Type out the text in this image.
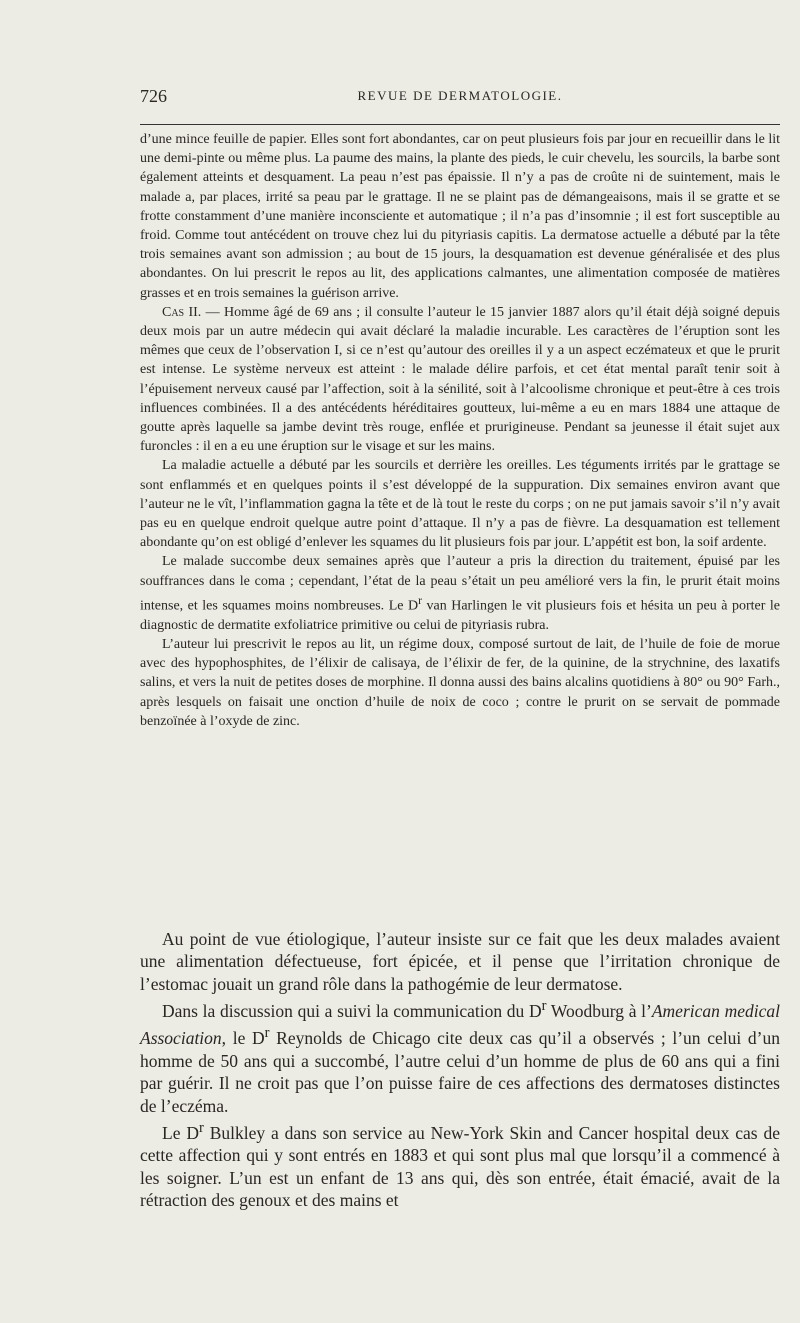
726	REVUE DE DERMATOLOGIE.

d’une mince feuille de papier. Elles sont fort abondantes, car on peut plusieurs fois par jour en recueillir dans le lit une demi-pinte ou même plus. La paume des mains, la plante des pieds, le cuir chevelu, les sourcils, la barbe sont également atteints et desquament. La peau n’est pas épaissie. Il n’y a pas de croûte ni de suintement, mais le malade a, par places, irrité sa peau par le grattage. Il ne se plaint pas de démangeaisons, mais il se gratte et se frotte constamment d’une manière inconsciente et automatique ; il n’a pas d’insomnie ; il est fort susceptible au froid. Comme tout antécédent on trouve chez lui du pityriasis capitis. La dermatose actuelle a débuté par la tête trois semaines avant son admission ; au bout de 15 jours, la desquamation est devenue généralisée et des plus abondantes. On lui prescrit le repos au lit, des applications calmantes, une alimentation composée de matières grasses et en trois semaines la guérison arrive.

Cas II. — Homme âgé de 69 ans ; il consulte l’auteur le 15 janvier 1887 alors qu’il était déjà soigné depuis deux mois par un autre médecin qui avait déclaré la maladie incurable. Les caractères de l’éruption sont les mêmes que ceux de l’observation I, si ce n’est qu’autour des oreilles il y a un aspect eczémateux et que le prurit est intense. Le système nerveux est atteint : le malade délire parfois, et cet état mental paraît tenir soit à l’épuisement nerveux causé par l’affection, soit à la sénilité, soit à l’alcoolisme chronique et peut-être à ces trois influences combinées. Il a des antécédents héréditaires goutteux, lui-même a eu en mars 1884 une attaque de goutte après laquelle sa jambe devint très rouge, enflée et prurigineuse. Pendant sa jeunesse il était sujet aux furoncles : il en a eu une éruption sur le visage et sur les mains.

La maladie actuelle a débuté par les sourcils et derrière les oreilles. Les téguments irrités par le grattage se sont enflammés et en quelques points il s’est développé de la suppuration. Dix semaines environ avant que l’auteur ne le vît, l’inflammation gagna la tête et de là tout le reste du corps ; on ne put jamais savoir s’il n’y avait pas eu en quelque endroit quelque autre point d’attaque. Il n’y a pas de fièvre. La desquamation est tellement abondante qu’on est obligé d’enlever les squames du lit plusieurs fois par jour. L’appétit est bon, la soif ardente.

Le malade succombe deux semaines après que l’auteur a pris la direction du traitement, épuisé par les souffrances dans le coma ; cependant, l’état de la peau s’était un peu amélioré vers la fin, le prurit était moins intense, et les squames moins nombreuses. Le $D^r$ van Harlingen le vit plusieurs fois et hésita un peu à porter le diagnostic de dermatite exfoliatrice primitive ou celui de pityriasis rubra.

L’auteur lui prescrivit le repos au lit, un régime doux, composé surtout de lait, de l’huile de foie de morue avec des hypophosphites, de l’élixir de calisaya, de l’élixir de fer, de la quinine, de la strychnine, des laxatifs salins, et vers la nuit de petites doses de morphine. Il donna aussi des bains alcalins quotidiens à 80° ou 90° Farh., après lesquels on faisait une onction d’huile de noix de coco ; contre le prurit on se servait de pommade benzoïnée à l’oxyde de zinc.

Au point de vue étiologique, l’auteur insiste sur ce fait que les deux malades avaient une alimentation défectueuse, fort épicée, et il pense que l’irritation chronique de l’estomac jouait un grand rôle dans la pathogémie de leur dermatose.

Dans la discussion qui a suivi la communication du $D^r$ Woodburg à l’American medical Association, le $D^r$ Reynolds de Chicago cite deux cas qu’il a observés ; l’un celui d’un homme de 50 ans qui a succombé, l’autre celui d’un homme de plus de 60 ans qui a fini par guérir. Il ne croit pas que l’on puisse faire de ces affections des dermatoses distinctes de l’eczéma.

Le $D^r$ Bulkley a dans son service au New-York Skin and Cancer hospital deux cas de cette affection qui y sont entrés en 1883 et qui sont plus mal que lorsqu’il a commencé à les soigner. L’un est un enfant de 13 ans qui, dès son entrée, était émacié, avait de la rétraction des genoux et des mains et
